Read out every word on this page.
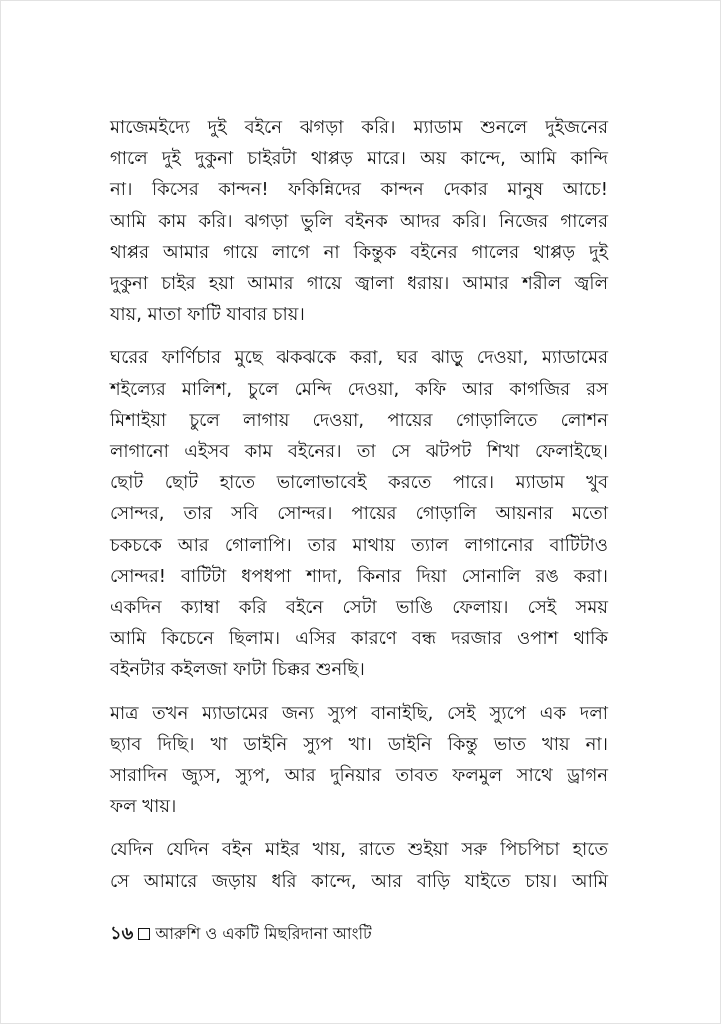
মাজেমইদ্যে দুই বইনে ঝগড়া করি। ম্যাডাম শুনলে দুইজনের
গালে দুই দুকুনা চাইরটা থাপ্পড় মারে। অয় কান্দে, আমি কান্দি
না। কিসের কান্দন! ফকিন্নিদের কান্দন দেকার মানুষ আচে!
আমি কাম করি। ঝগড়া ভুলি বইনক আদর করি। নিজের গালের
থাপ্পর আমার গায়ে লাগে না কিন্তুক বইনের গালের থাপ্পড় দুই
দুকুনা চাইর হয়া আমার গায়ে জ্বালা ধরায়। আমার শরীল জ্বলি
যায়, মাতা ফাটি যাবার চায়।

ঘরের ফার্ণিচার মুছে ঝকঝকে করা, ঘর ঝাড়ু দেওয়া, ম্যাডামের
শইল্যের মালিশ, চুলে মেন্দি দেওয়া, কফি আর কাগজির রস
মিশাইয়া চুলে লাগায় দেওয়া, পায়ের গোড়ালিতে লোশন
লাগানো এইসব কাম বইনের। তা সে ঝটপট শিখা ফেলাইছে।
ছোট ছোট হাতে ভালোভাবেই করতে পারে। ম্যাডাম খুব
সোন্দর, তার সবি সোন্দর। পায়ের গোড়ালি আয়নার মতো
চকচকে আর গোলাপি। তার মাথায় ত্যাল লাগানোর বাটিটাও
সোন্দর! বাটিটা ধপধপা শাদা, কিনার দিয়া সোনালি রঙ করা।
একদিন ক্যাম্বা করি বইনে সেটা ভাঙি ফেলায়। সেই সময়
আমি কিচেনে ছিলাম। এসির কারণে বন্ধ দরজার ওপাশ থাকি
বইনটার কইলজা ফাটা চিক্কর শুনছি।

মাত্র তখন ম্যাডামের জন্য স্যুপ বানাইছি, সেই স্যুপে এক দলা
ছ্যাব দিছি। খা ডাইনি স্যুপ খা। ডাইনি কিন্তু ভাত খায় না।
সারাদিন জ্যুস, স্যুপ, আর দুনিয়ার তাবত ফলমুল সাথে ড্রাগন
ফল খায়।

যেদিন যেদিন বইন মাইর খায়, রাতে শুইয়া সরু পিচপিচা হাতে
সে আমারে জড়ায় ধরি কান্দে, আর বাড়ি যাইতে চায়। আমি

১৬ আরুশি ও একটি মিছরিদানা আংটি
